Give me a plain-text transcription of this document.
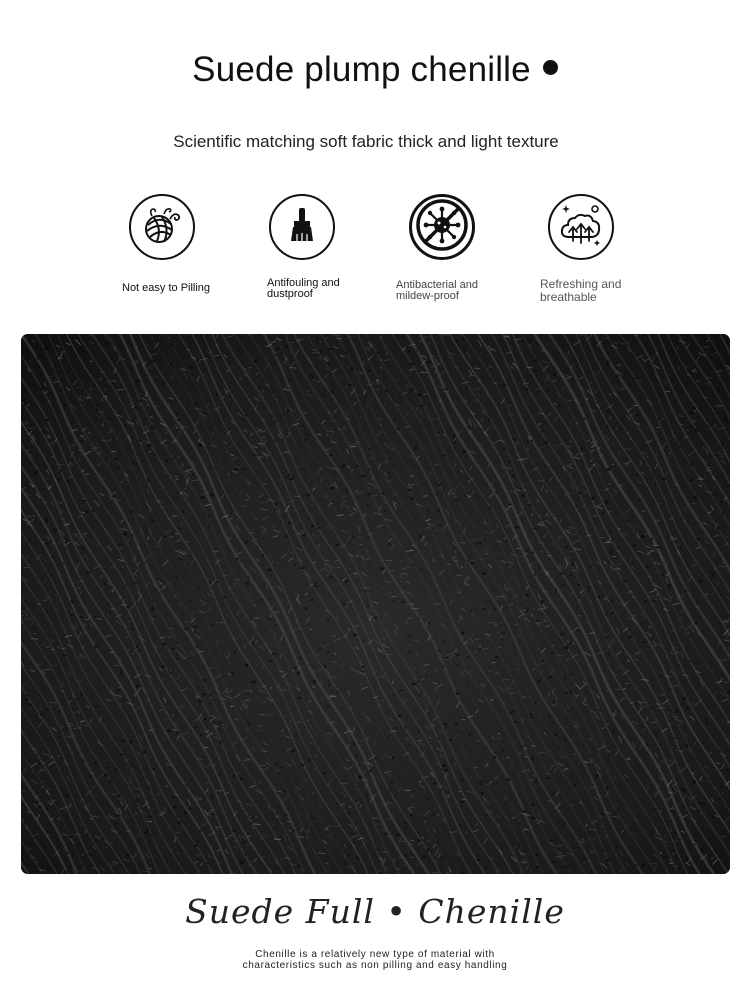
Suede plump chenille
Scientific matching soft fabric thick and light texture
Not easy to Pilling	Antifouling and
dustproof
Antibacterial and
mildew-proof
Refreshing and
breathable
Suede Full • Chenille
Chenille is a relatively new type of material with
characteristics such as non pilling and easy handling
